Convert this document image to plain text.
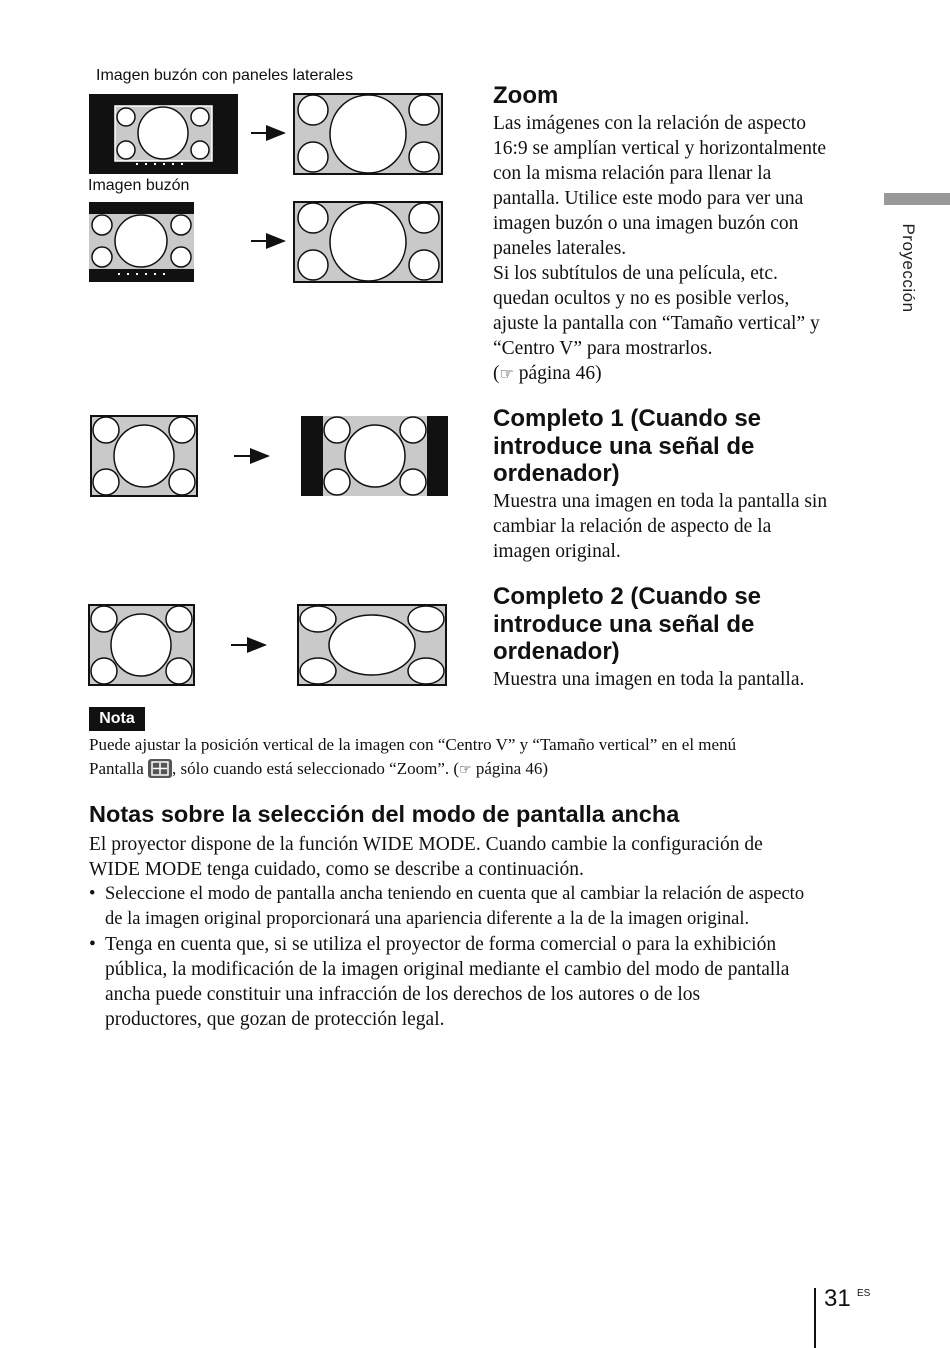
Proyección
Imagen buzón con paneles laterales
Imagen buzón
Zoom
Las imágenes con la relación de aspecto
16:9 se amplían vertical y horizontalmente
con la misma relación para llenar la
pantalla. Utilice este modo para ver una
imagen buzón o una imagen buzón con
paneles laterales.
Si los subtítulos de una película, etc.
quedan ocultos y no es posible verlos,
ajuste la pantalla con “Tamaño vertical” y
“Centro V” para mostrarlos.
(☞ página 46)
Completo 1 (Cuando se
introduce una señal de
ordenador)
Muestra una imagen en toda la pantalla sin
cambiar la relación de aspecto de la
imagen original.
Completo 2 (Cuando se
introduce una señal de
ordenador)
Muestra una imagen en toda la pantalla.
Nota
Puede ajustar la posición vertical de la imagen con “Centro V” y “Tamaño vertical” en el menú
Pantalla , sólo cuando está seleccionado “Zoom”. (☞ página 46)
Notas sobre la selección del modo de pantalla ancha
El proyector dispone de la función WIDE MODE. Cuando cambie la configuración de
WIDE MODE tenga cuidado, como se describe a continuación.
• Seleccione el modo de pantalla ancha teniendo en cuenta que al cambiar la relación de aspecto
de la imagen original proporcionará una apariencia diferente a la de la imagen original.
• Tenga en cuenta que, si se utiliza el proyector de forma comercial o para la exhibición
pública, la modificación de la imagen original mediante el cambio del modo de pantalla
ancha puede constituir una infracción de los derechos de los autores o de los
productores, que gozan de protección legal.
31 ES
